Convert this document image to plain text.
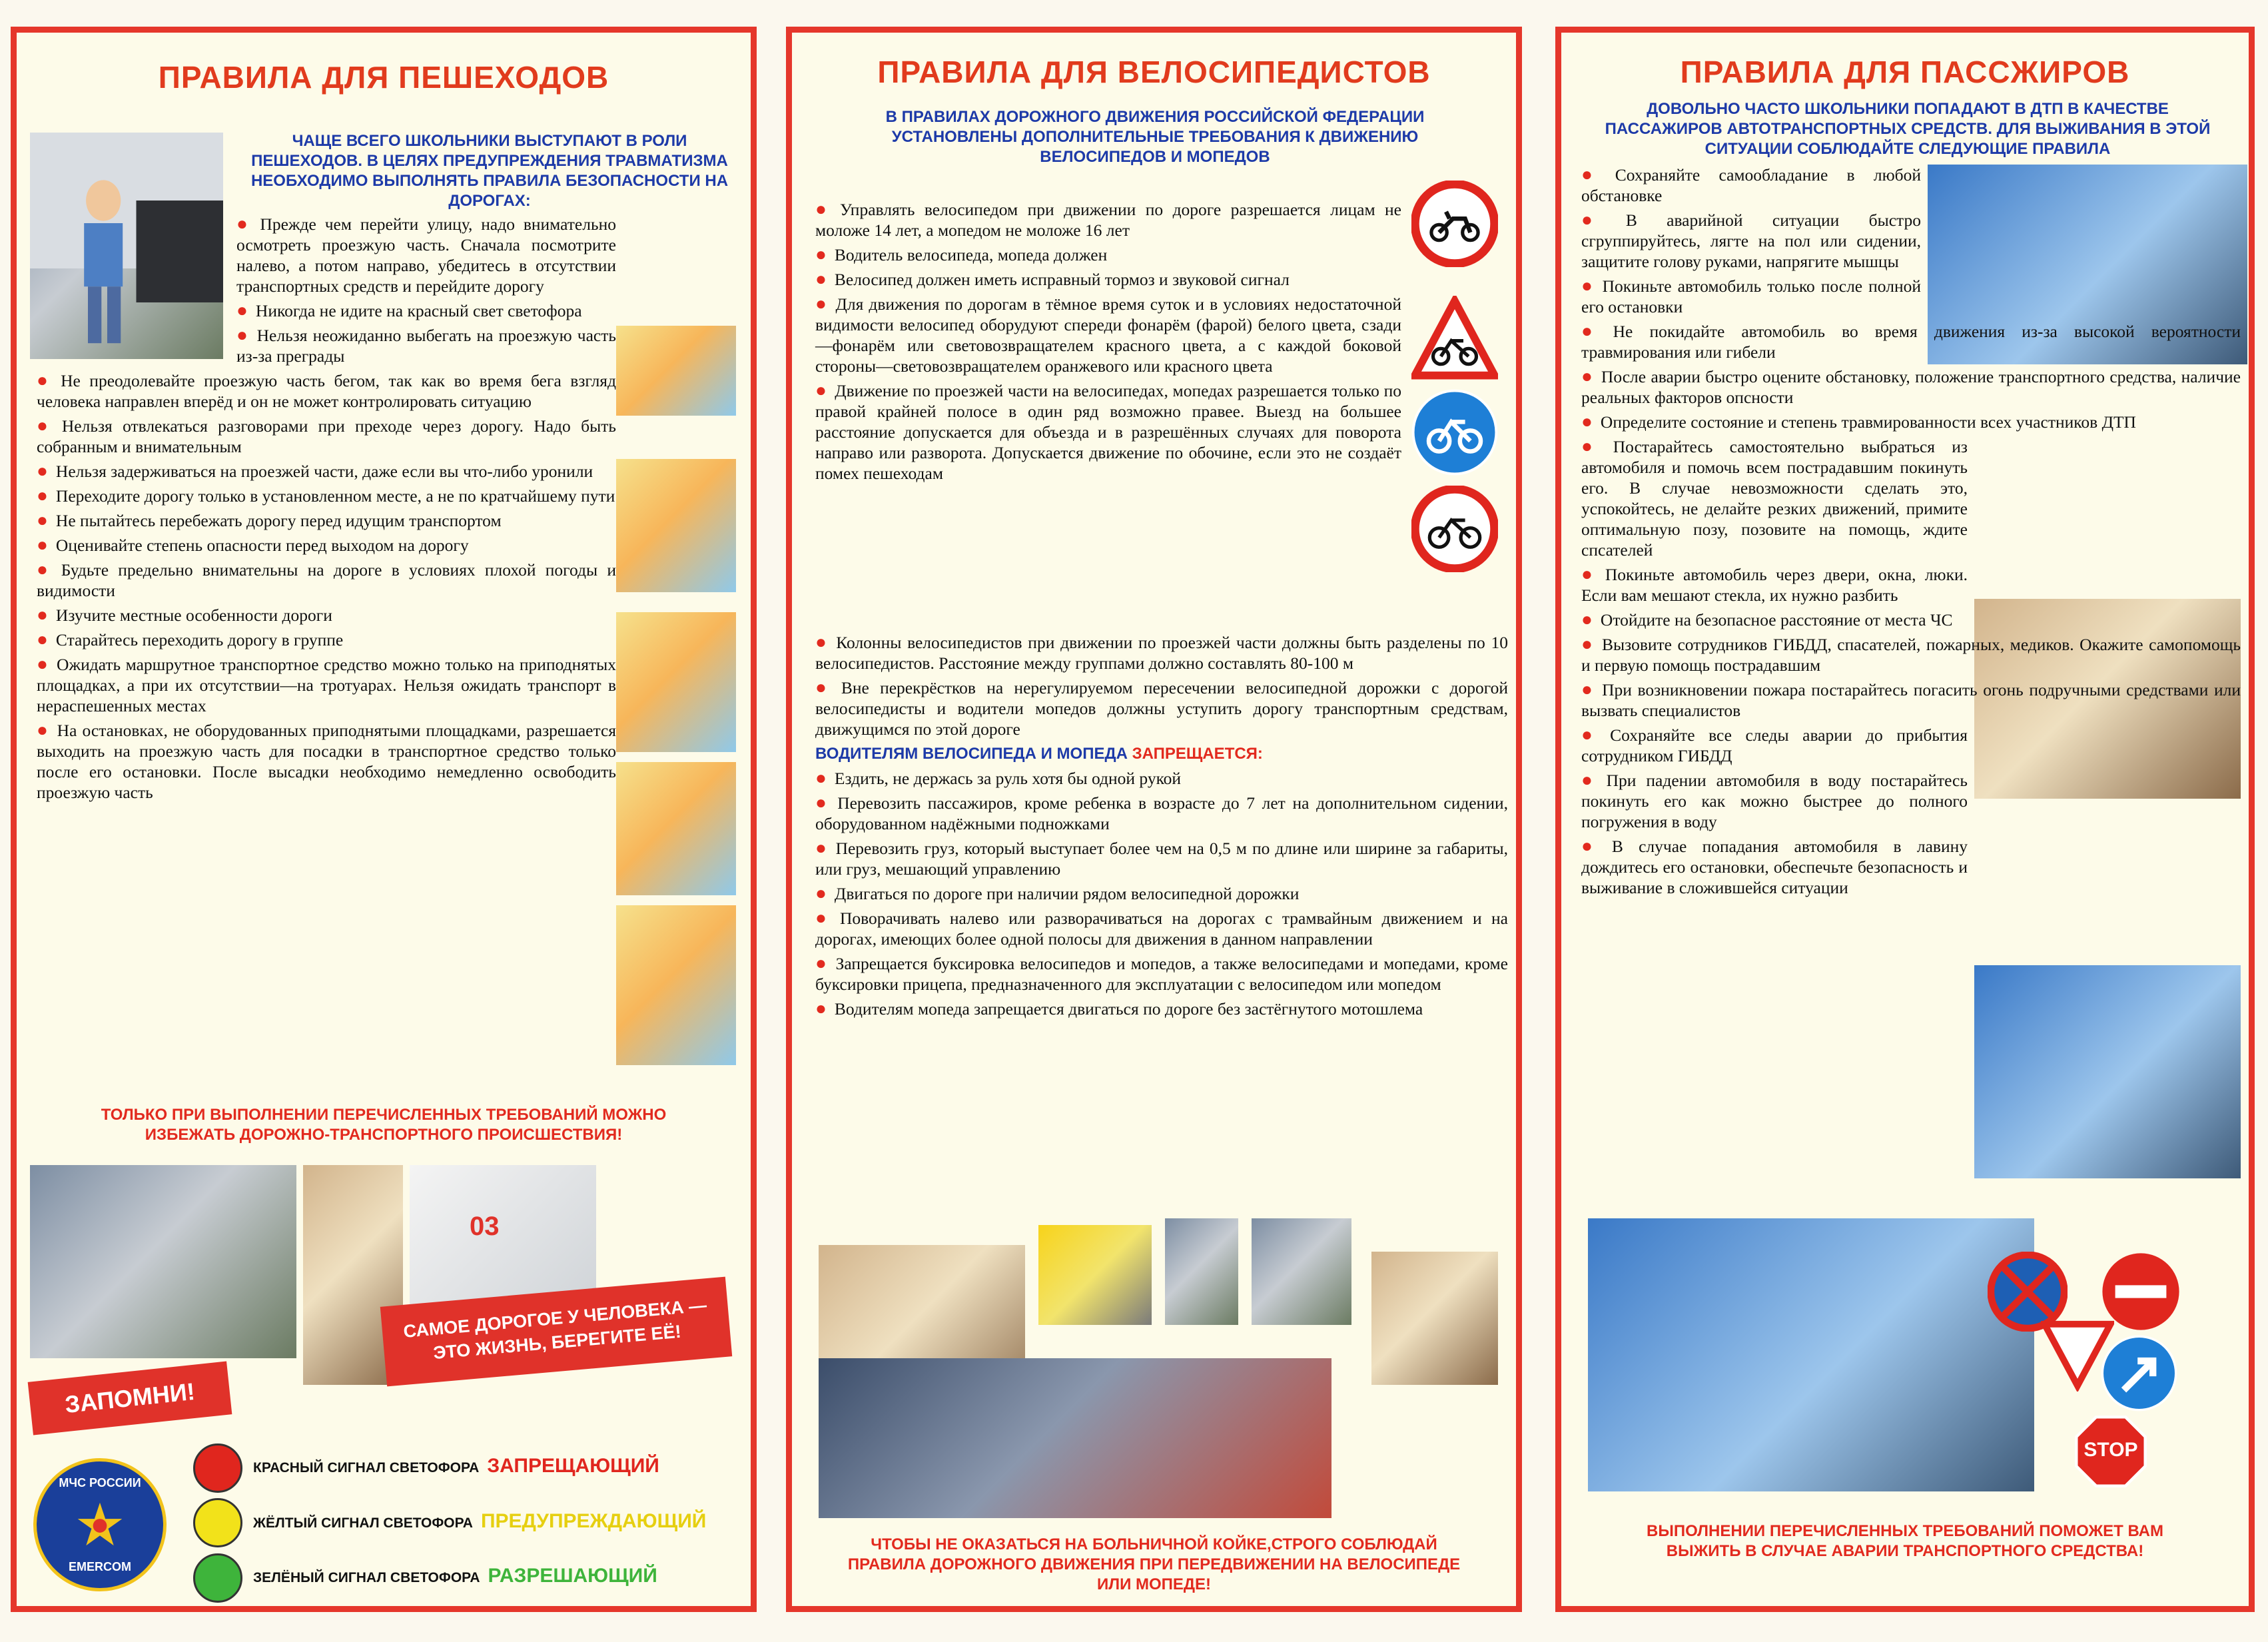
ПРАВИЛА ДЛЯ ПЕШЕХОДОВ
ЧАЩЕ ВСЕГО ШКОЛЬНИКИ ВЫСТУПАЮТ В РОЛИ ПЕШЕХОДОВ. В ЦЕЛЯХ ПРЕДУПРЕЖДЕНИЯ ТРАВМАТИЗМА НЕОБХОДИМО ВЫПОЛНЯТЬ ПРАВИЛА БЕЗОПАСНОСТИ НА ДОРОГАХ:
● Прежде чем перейти улицу, надо внимательно осмотреть проезжую часть. Сначала посмотрите налево, а потом направо, убедитесь в отсутствии транспортных средств и перейдите дорогу
● Никогда не идите на красный свет светофора
● Нельзя неожиданно выбегать на проезжую часть из-за преграды
● Не преодолевайте проезжую часть бегом, так как во время бега взгляд человека направлен вперёд и он не может контролировать ситуацию
● Нельзя отвлекаться разговорами при преходе через дорогу. Надо быть собранным и внимательным
● Нельзя задерживаться на проезжей части, даже если вы что-либо уронили
● Переходите дорогу только в установленном месте, а не по кратчайшему пути
● Не пытайтесь перебежать дорогу перед идущим транспортом
● Оценивайте степень опасности перед выходом на дорогу
● Будьте предельно внимательны на дороге в условиях плохой погоды и видимости
● Изучите местные особенности дороги
● Старайтесь переходить дорогу в группе
● Ожидать маршрутное транспортное средство можно только на приподнятых площадках, а при их отсутствии—на тротуарах. Нельзя ожидать транспорт в нераспешенных местах
● На остановках, не оборудованных приподнятыми площадками, разрешается выходить на проезжую часть для посадки в транспортное средство только после его остановки. После высадки необходимо немедленно освободить проезжую часть
ТОЛЬКО ПРИ ВЫПОЛНЕНИИ ПЕРЕЧИСЛЕННЫХ ТРЕБОВАНИЙ МОЖНО ИЗБЕЖАТЬ ДОРОЖНО-ТРАНСПОРТНОГО ПРОИСШЕСТВИЯ!
03
САМОЕ ДОРОГОЕ У ЧЕЛОВЕКА — ЭТО ЖИЗНЬ, БЕРЕГИТЕ ЕЁ!
ЗАПОМНИ!
МЧС РОССИИ
EMERCOM
КРАСНЫЙ СИГНАЛ СВЕТОФОРА ЗАПРЕЩАЮЩИЙ
ЖЁЛТЫЙ СИГНАЛ СВЕТОФОРА ПРЕДУПРЕЖДАЮЩИЙ
ЗЕЛЁНЫЙ СИГНАЛ СВЕТОФОРА РАЗРЕШАЮЩИЙ
ПРАВИЛА ДЛЯ ВЕЛОСИПЕДИСТОВ
В ПРАВИЛАХ ДОРОЖНОГО ДВИЖЕНИЯ РОССИЙСКОЙ ФЕДЕРАЦИИ УСТАНОВЛЕНЫ ДОПОЛНИТЕЛЬНЫЕ ТРЕБОВАНИЯ К ДВИЖЕНИЮ ВЕЛОСИПЕДОВ И МОПЕДОВ
● Управлять велосипедом при движении по дороге разрешается лицам не моложе 14 лет, а мопедом не моложе 16 лет
● Водитель велосипеда, мопеда должен
● Велосипед должен иметь исправный тормоз и звуковой сигнал
● Для движения по дорогам в тёмное время суток и в условиях недостаточной видимости велосипед оборудуют спереди фонарём (фарой) белого цвета, сзади—фонарём или световозвращателем красного цвета, а с каждой боковой стороны—световозвращателем оранжевого или красного цвета
● Движение по проезжей части на велосипедах, мопедах разрешается только по правой крайней полосе в один ряд возможно правее. Выезд на большее расстояние допускается для объезда и в разрешённых случаях для поворота направо или разворота. Допускается движение по обочине, если это не создаёт помех пешеходам
● Колонны велосипедистов при движении по проезжей части должны быть разделены по 10 велосипедистов. Расстояние между группами должно составлять 80-100 м
● Вне перекрёстков на нерегулируемом пересечении велосипедной дорожки с дорогой велосипедисты и водители мопедов должны уступить дорогу транспортным средствам, движущимся по этой дороге
ВОДИТЕЛЯМ ВЕЛОСИПЕДА И МОПЕДА ЗАПРЕЩАЕТСЯ:
● Ездить, не держась за руль хотя бы одной рукой
● Перевозить пассажиров, кроме ребенка в возрасте до 7 лет на дополнительном сидении, оборудованном надёжными подножками
● Перевозить груз, который выступает более чем на 0,5 м по длине или ширине за габариты, или груз, мешающий управлению
● Двигаться по дороге при наличии рядом велосипедной дорожки
● Поворачивать налево или разворачиваться на дорогах с трамвайным движением и на дорогах, имеющих более одной полосы для движения в данном направлении
● Запрещается буксировка велосипедов и мопедов, а также велосипедами и мопедами, кроме буксировки прицепа, предназначенного для эксплуатации с велосипедом или мопедом
● Водителям мопеда запрещается двигаться по дороге без застёгнутого мотошлема
ЧТОБЫ НЕ ОКАЗАТЬСЯ НА БОЛЬНИЧНОЙ КОЙКЕ,СТРОГО СОБЛЮДАЙ ПРАВИЛА ДОРОЖНОГО ДВИЖЕНИЯ ПРИ ПЕРЕДВИЖЕНИИ НА ВЕЛОСИПЕДЕ ИЛИ МОПЕДЕ!
ПРАВИЛА ДЛЯ ПАССЖИРОВ
ДОВОЛЬНО ЧАСТО ШКОЛЬНИКИ ПОПАДАЮТ В ДТП В КАЧЕСТВЕ ПАССАЖИРОВ АВТОТРАНСПОРТНЫХ СРЕДСТВ. ДЛЯ ВЫЖИВАНИЯ В ЭТОЙ СИТУАЦИИ СОБЛЮДАЙТЕ СЛЕДУЮЩИЕ ПРАВИЛА
● Сохраняйте самообладание в любой обстановке
● В аварийной ситуации быстро сгруппируйтесь, лягте на пол или сидении, защитите голову руками, напрягите мышцы
● Покиньте автомобиль только после полной его остановки
● Не покидайте автомобиль во время движения из-за высокой вероятности травмирования или гибели
● После аварии быстро оцените обстановку, положение транспортного средства, наличие реальных факторов опсности
● Определите состояние и степень травмированности всех участников ДТП
● Постарайтесь самостоятельно выбраться из автомобиля и помочь всем пострадавшим покинуть его. В случае невозможности сделать это, успокойтесь, не делайте резких движений, примите оптимальную позу, позовите на помощь, ждите спсателей
● Покиньте автомобиль через двери, окна, люки. Если вам мешают стекла, их нужно разбить
● Отойдите на безопасное расстояние от места ЧС
● Вызовите сотрудников ГИБДД, спасателей, пожарных, медиков. Окажите самопомощь и первую помощь пострадавшим
● При возникновении пожара постарайтесь погасить огонь подручными средствами или вызвать специалистов
● Сохраняйте все следы аварии до прибытия сотрудником ГИБДД
● При падении автомобиля в воду постарайтесь покинуть его как можно быстрее до полного погружения в воду
● В случае попадания автомобиля в лавину дождитесь его остановки, обеспечьте безопасность и выживание в сложившейся ситуации
STOP
ВЫПОЛНЕНИИ ПЕРЕЧИСЛЕННЫХ ТРЕБОВАНИЙ ПОМОЖЕТ ВАМ ВЫЖИТЬ В СЛУЧАЕ АВАРИИ ТРАНСПОРТНОГО СРЕДСТВА!
